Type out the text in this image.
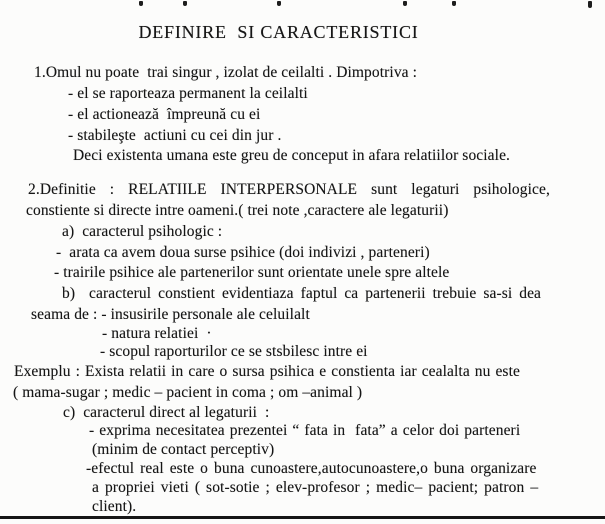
DEFINIRE  SI CARACTERISTICI
1.Omul nu poate  trai singur , izolat de ceilalti . Dimpotriva :
- el se raporteaza permanent la ceilalti
- el actionează  împreună cu ei
- stabileşte  actiuni cu cei din jur .
Deci existenta umana este greu de conceput in afara relatiilor sociale.
2.Definitie : RELATIILE INTERPERSONALE sunt legaturi psihologice,
constiente si directe intre oameni.( trei note ,caractere ale legaturii)
a)  caracterul psihologic :
-  arata ca avem doua surse psihice (doi indivizi , parteneri)
- trairile psihice ale partenerilor sunt orientate unele spre altele
b)  caracterul constient evidentiaza faptul ca partenerii trebuie sa-si dea
seama de : - insusirile personale ale celuilalt
- natura relatiei  ·
- scopul raporturilor ce se stsbilesc intre ei
Exemplu : Exista relatii in care o sursa psihica e constienta iar cealalta nu este
( mama-sugar ; medic – pacient in coma ; om –animal )
c)  caracterul direct al legaturii  :
- exprima necesitatea prezentei “ fata in  fata” a celor doi parteneri
(minim de contact perceptiv)
-efectul real este o buna cunoastere,autocunoastere,o buna organizare
a propriei vieti ( sot-sotie ; elev-profesor ; medic– pacient; patron –
client).
